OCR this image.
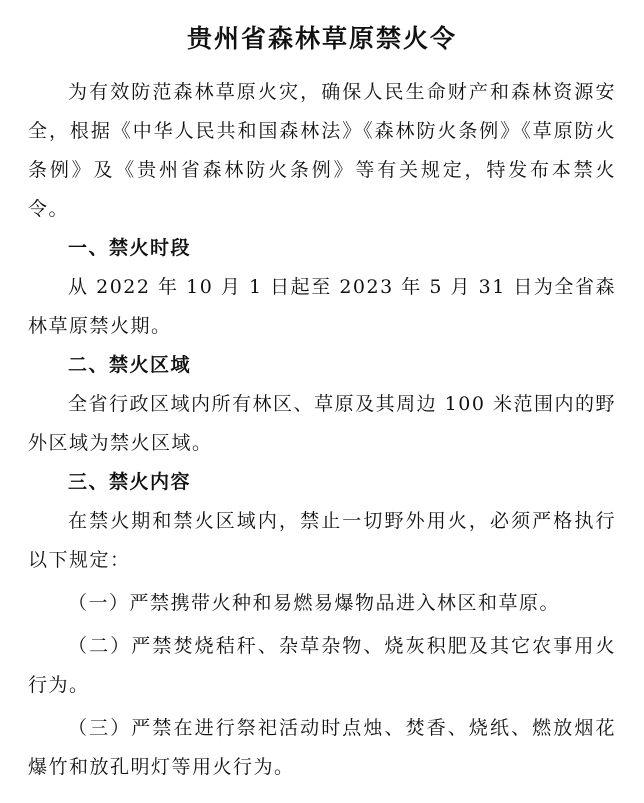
贵州省森林草原禁火令

为有效防范森林草原火灾，确保人民生命财产和森林资源安全，根据《中华人民共和国森林法》《森林防火条例》《草原防火条例》及《贵州省森林防火条例》等有关规定，特发布本禁火令。

一、禁火时段

从 2022 年 10 月 1 日起至 2023 年 5 月 31 日为全省森林草原禁火期。

二、禁火区域

全省行政区域内所有林区、草原及其周边 100 米范围内的野外区域为禁火区域。

三、禁火内容

在禁火期和禁火区域内，禁止一切野外用火，必须严格执行以下规定：

（一）严禁携带火种和易燃易爆物品进入林区和草原。

（二）严禁焚烧秸秆、杂草杂物、烧灰积肥及其它农事用火行为。

（三）严禁在进行祭祀活动时点烛、焚香、烧纸、燃放烟花爆竹和放孔明灯等用火行为。
